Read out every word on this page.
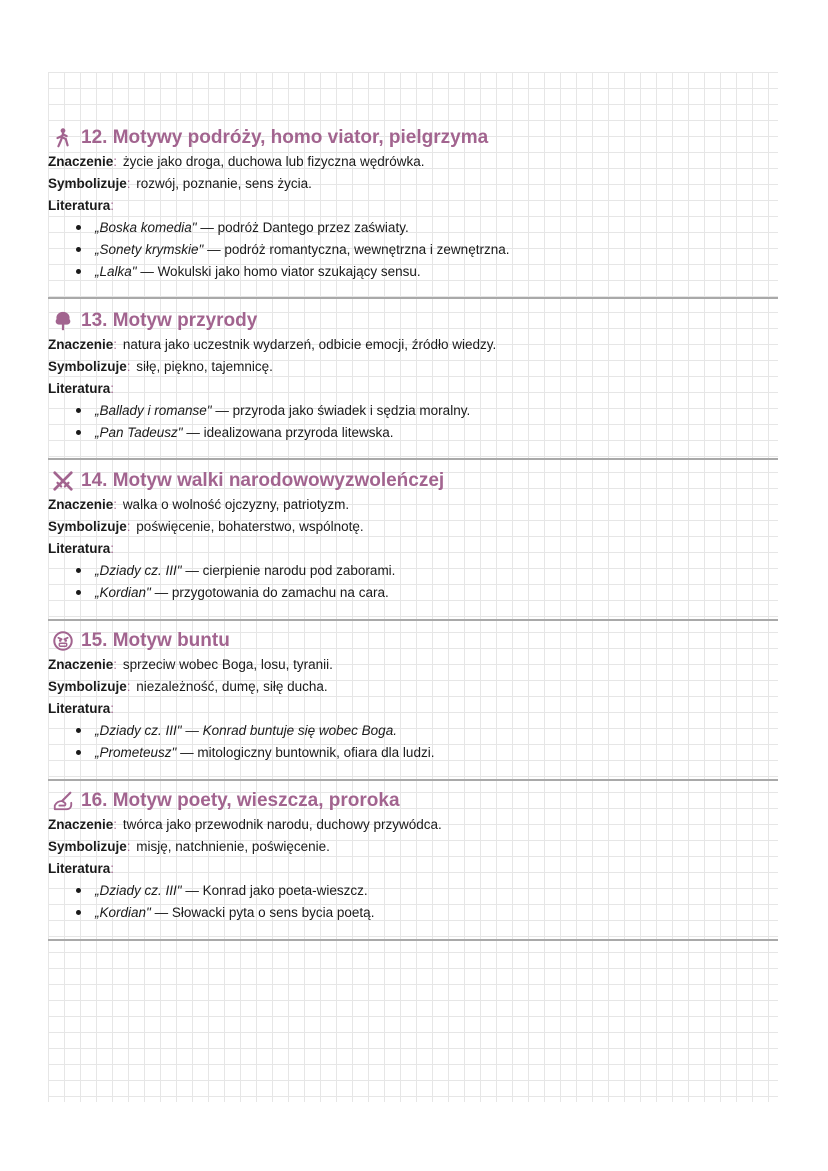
12. Motywy podróży, homo viator, pielgrzyma
Znaczenie: życie jako droga, duchowa lub fizyczna wędrówka.
Symbolizuje: rozwój, poznanie, sens życia.
Literatura:
„Boska komedia" — podróż Dantego przez zaświaty.
„Sonety krymskie" — podróż romantyczna, wewnętrzna i zewnętrzna.
„Lalka" — Wokulski jako homo viator szukający sensu.
13. Motyw przyrody
Znaczenie: natura jako uczestnik wydarzeń, odbicie emocji, źródło wiedzy.
Symbolizuje: siłę, piękno, tajemnicę.
Literatura:
„Ballady i romanse" — przyroda jako świadek i sędzia moralny.
„Pan Tadeusz" — idealizowana przyroda litewska.
14. Motyw walki narodowowyzwoleńczej
Znaczenie: walka o wolność ojczyzny, patriotyzm.
Symbolizuje: poświęcenie, bohaterstwo, wspólnotę.
Literatura:
„Dziady cz. III" — cierpienie narodu pod zaborami.
„Kordian" — przygotowania do zamachu na cara.
15. Motyw buntu
Znaczenie: sprzeciw wobec Boga, losu, tyranii.
Symbolizuje: niezależność, dumę, siłę ducha.
Literatura:
„Dziady cz. III" — Konrad buntuje się wobec Boga.
„Prometeusz" — mitologiczny buntownik, ofiara dla ludzi.
16. Motyw poety, wieszcza, proroka
Znaczenie: twórca jako przewodnik narodu, duchowy przywódca.
Symbolizuje: misję, natchnienie, poświęcenie.
Literatura:
„Dziady cz. III" — Konrad jako poeta-wieszcz.
„Kordian" — Słowacki pyta o sens bycia poetą.
